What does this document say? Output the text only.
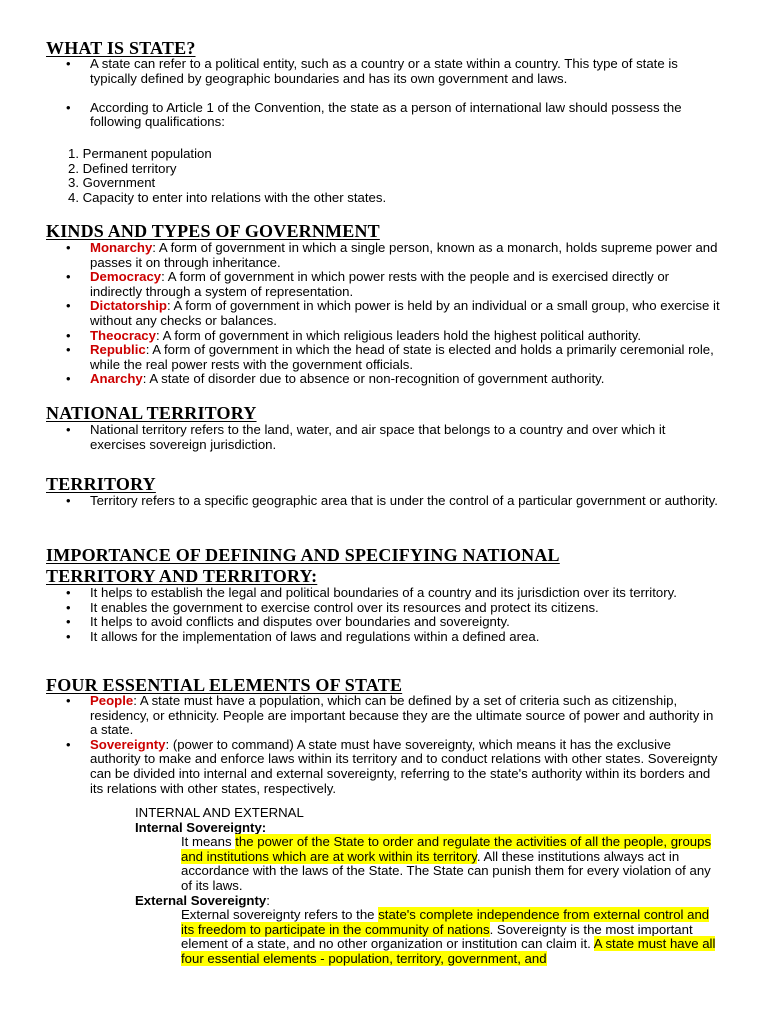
WHAT IS STATE?
• A state can refer to a political entity, such as a country or a state within a country. This type of state is typically defined by geographic boundaries and has its own government and laws.
• According to Article 1 of the Convention, the state as a person of international law should possess the following qualifications:
1. Permanent population
2. Defined territory
3. Government
4. Capacity to enter into relations with the other states.
KINDS AND TYPES OF GOVERNMENT
• Monarchy: A form of government in which a single person, known as a monarch, holds supreme power and passes it on through inheritance.
• Democracy: A form of government in which power rests with the people and is exercised directly or indirectly through a system of representation.
• Dictatorship: A form of government in which power is held by an individual or a small group, who exercise it without any checks or balances.
• Theocracy: A form of government in which religious leaders hold the highest political authority.
• Republic: A form of government in which the head of state is elected and holds a primarily ceremonial role, while the real power rests with the government officials.
• Anarchy: A state of disorder due to absence or non-recognition of government authority.
NATIONAL TERRITORY
• National territory refers to the land, water, and air space that belongs to a country and over which it exercises sovereign jurisdiction.
TERRITORY
• Territory refers to a specific geographic area that is under the control of a particular government or authority.
IMPORTANCE OF DEFINING AND SPECIFYING NATIONAL
TERRITORY AND TERRITORY:
• It helps to establish the legal and political boundaries of a country and its jurisdiction over its territory.
• It enables the government to exercise control over its resources and protect its citizens.
• It helps to avoid conflicts and disputes over boundaries and sovereignty.
• It allows for the implementation of laws and regulations within a defined area.
FOUR ESSENTIAL ELEMENTS OF STATE
• People: A state must have a population, which can be defined by a set of criteria such as citizenship, residency, or ethnicity. People are important because they are the ultimate source of power and authority in a state.
• Sovereignty: (power to command) A state must have sovereignty, which means it has the exclusive authority to make and enforce laws within its territory and to conduct relations with other states. Sovereignty can be divided into internal and external sovereignty, referring to the state's authority within its borders and its relations with other states, respectively.

INTERNAL AND EXTERNAL

Internal Sovereignty:

It means the power of the State to order and regulate the activities of all the people, groups and institutions which are at work within its territory. All these institutions always act in accordance with the laws of the State. The State can punish them for every violation of any of its laws.

External Sovereignty:

External sovereignty refers to the state's complete independence from external control and its freedom to participate in the community of nations. Sovereignty is the most important element of a state, and no other organization or institution can claim it. A state must have all four essential elements - population, territory, government, and
